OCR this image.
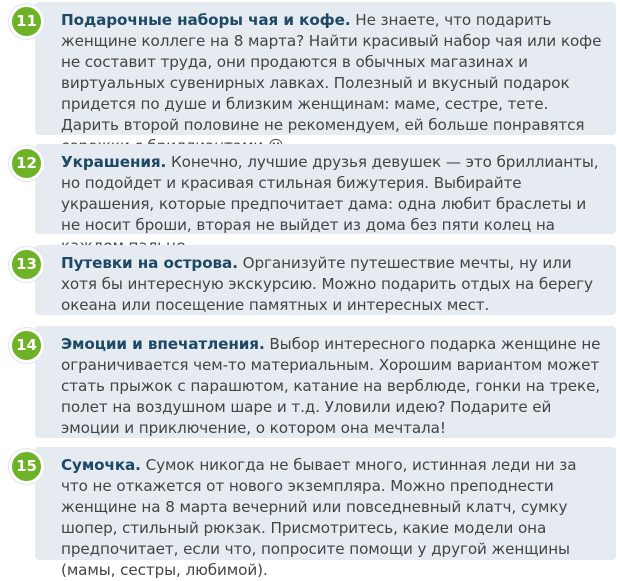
11	Подарочные наборы чая и кофе. Не знаете, что подарить женщине коллеге на 8 марта? Найти красивый набор чая или кофе не составит труда, они продаются в обычных магазинах и виртуальных сувенирных лавках. Полезный и вкусный подарок придется по душе и близким женщинам: маме, сестре, тете. Дарить второй половине не рекомендуем, ей больше понравятся
12	Украшения. Конечно, лучшие друзья девушек — это бриллианты, но подойдет и красивая стильная бижутерия. Выбирайте украшения, которые предпочитает дама: одна любит браслеты и не носит броши, вторая не выйдет из дома без пяти колец на
13	Путевки на острова. Организуйте путешествие мечты, ну или хотя бы интересную экскурсию. Можно подарить отдых на берегу океана или посещение памятных и интересных мест.
14	Эмоции и впечатления. Выбор интересного подарка женщине не ограничивается чем-то материальным. Хорошим вариантом может стать прыжок с парашютом, катание на верблюде, гонки на треке, полет на воздушном шаре и т.д. Уловили идею? Подарите ей эмоции и приключение, о котором она мечтала!
15	Сумочка. Сумок никогда не бывает много, истинная леди ни за что не откажется от нового экземпляра. Можно преподнести женщине на 8 марта вечерний или повседневный клатч, сумку шопер, стильный рюкзак. Присмотритесь, какие модели она предпочитает, если что, попросите помощи у другой женщины (мамы, сестры, любимой).
